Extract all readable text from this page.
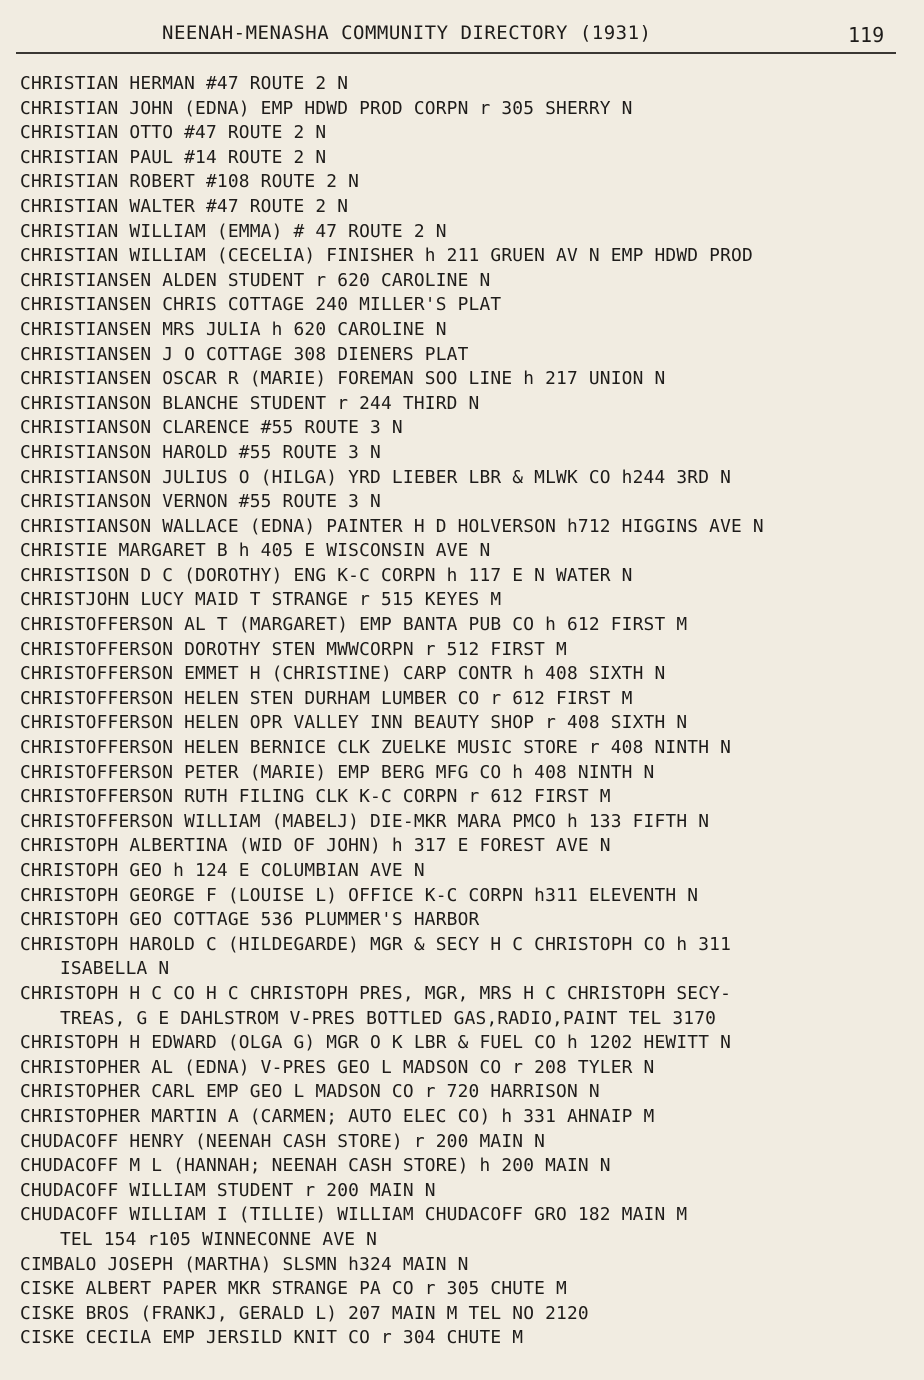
NEENAH-MENASHA COMMUNITY DIRECTORY (1931)	119
CHRISTIAN HERMAN #47 ROUTE 2 N
CHRISTIAN JOHN (EDNA) EMP HDWD PROD CORPN r 305 SHERRY N
CHRISTIAN OTTO #47 ROUTE 2 N
CHRISTIAN PAUL #14 ROUTE 2 N
CHRISTIAN ROBERT #108 ROUTE 2 N
CHRISTIAN WALTER #47 ROUTE 2 N
CHRISTIAN WILLIAM (EMMA) # 47 ROUTE 2 N
CHRISTIAN WILLIAM (CECELIA) FINISHER h 211 GRUEN AV N EMP HDWD PROD
CHRISTIANSEN ALDEN STUDENT r 620 CAROLINE N
CHRISTIANSEN CHRIS COTTAGE 240 MILLER'S PLAT
CHRISTIANSEN MRS JULIA h 620 CAROLINE N
CHRISTIANSEN J O COTTAGE 308 DIENERS PLAT
CHRISTIANSEN OSCAR R (MARIE) FOREMAN SOO LINE h 217 UNION N
CHRISTIANSON BLANCHE STUDENT r 244 THIRD N
CHRISTIANSON CLARENCE #55 ROUTE 3 N
CHRISTIANSON HAROLD #55 ROUTE 3 N
CHRISTIANSON JULIUS O (HILGA) YRD LIEBER LBR & MLWK CO h244 3RD N
CHRISTIANSON VERNON #55 ROUTE 3 N
CHRISTIANSON WALLACE (EDNA) PAINTER H D HOLVERSON h712 HIGGINS AVE N
CHRISTIE MARGARET B h 405 E WISCONSIN AVE N
CHRISTISON D C (DOROTHY) ENG K-C CORPN h 117 E N WATER N
CHRISTJOHN LUCY MAID T STRANGE r 515 KEYES M
CHRISTOFFERSON AL T (MARGARET) EMP BANTA PUB CO h 612 FIRST M
CHRISTOFFERSON DOROTHY STEN MWWCORPN r 512 FIRST M
CHRISTOFFERSON EMMET H (CHRISTINE) CARP CONTR h 408 SIXTH N
CHRISTOFFERSON HELEN STEN DURHAM LUMBER CO r 612 FIRST M
CHRISTOFFERSON HELEN OPR VALLEY INN BEAUTY SHOP r 408 SIXTH N
CHRISTOFFERSON HELEN BERNICE CLK ZUELKE MUSIC STORE r 408 NINTH N
CHRISTOFFERSON PETER (MARIE) EMP BERG MFG CO h 408 NINTH N
CHRISTOFFERSON RUTH FILING CLK K-C CORPN r 612 FIRST M
CHRISTOFFERSON WILLIAM (MABELJ) DIE-MKR MARA PMCO h 133 FIFTH N
CHRISTOPH ALBERTINA (WID OF JOHN) h 317 E FOREST AVE N
CHRISTOPH GEO h 124 E COLUMBIAN AVE N
CHRISTOPH GEORGE F (LOUISE L) OFFICE K-C CORPN h311 ELEVENTH N
CHRISTOPH GEO COTTAGE 536 PLUMMER'S HARBOR
CHRISTOPH HAROLD C (HILDEGARDE) MGR & SECY H C CHRISTOPH CO h 311
ISABELLA N
CHRISTOPH H C CO H C CHRISTOPH PRES, MGR, MRS H C CHRISTOPH SECY-
TREAS, G E DAHLSTROM V-PRES BOTTLED GAS,RADIO,PAINT TEL 3170
CHRISTOPH H EDWARD (OLGA G) MGR O K LBR & FUEL CO h 1202 HEWITT N
CHRISTOPHER AL (EDNA) V-PRES GEO L MADSON CO r 208 TYLER N
CHRISTOPHER CARL EMP GEO L MADSON CO r 720 HARRISON N
CHRISTOPHER MARTIN A (CARMEN; AUTO ELEC CO) h 331 AHNAIP M
CHUDACOFF HENRY (NEENAH CASH STORE) r 200 MAIN N
CHUDACOFF M L (HANNAH; NEENAH CASH STORE) h 200 MAIN N
CHUDACOFF WILLIAM STUDENT r 200 MAIN N
CHUDACOFF WILLIAM I (TILLIE) WILLIAM CHUDACOFF GRO 182 MAIN M
TEL 154 r105 WINNECONNE AVE N
CIMBALO JOSEPH (MARTHA) SLSMN h324 MAIN N
CISKE ALBERT PAPER MKR STRANGE PA CO r 305 CHUTE M
CISKE BROS (FRANKJ, GERALD L) 207 MAIN M TEL NO 2120
CISKE CECILA EMP JERSILD KNIT CO r 304 CHUTE M
